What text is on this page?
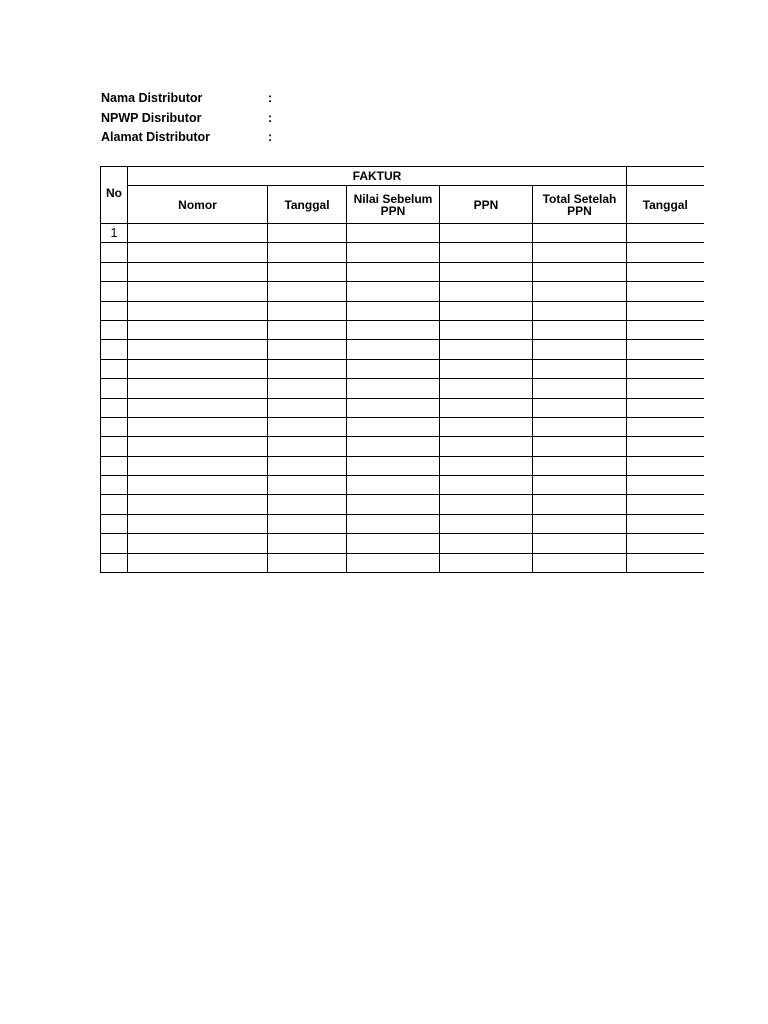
Nama Distributor	:
NPWP Disributor	:
Alamat Distributor	:
No	FAKTUR					
	Nomor	Tanggal	Nilai Sebelum PPN	PPN	Total Setelah PPN	Tanggal
1						
